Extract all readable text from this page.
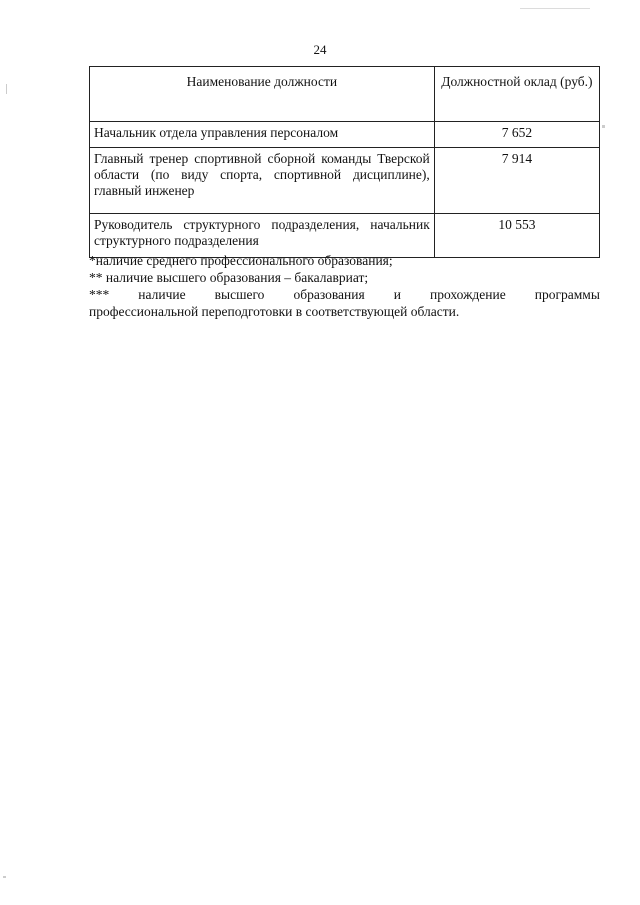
24
Наименование должности	Должностной оклад (руб.)
Начальник отдела управления персоналом	7 652
Главный тренер спортивной сборной команды Тверской области (по виду спорта, спортивной дисциплине), главный инженер	7 914
Руководитель структурного подразделения, начальник структурного подразделения	10 553

*наличие среднего профессионального образования;

** наличие высшего образования – бакалавриат;

*** наличие высшего образования и прохождение программы

профессиональной переподготовки в соответствующей области.
